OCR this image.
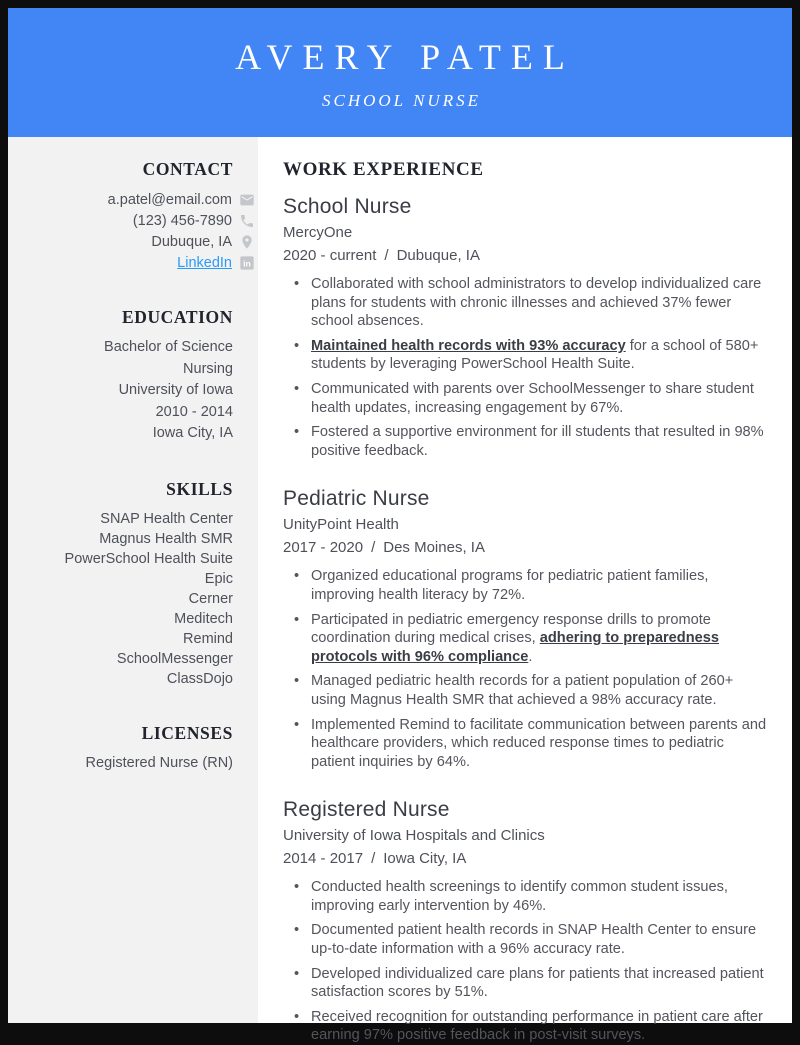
AVERY PATEL
SCHOOL NURSE
CONTACT
a.patel@email.com
(123) 456-7890
Dubuque, IA
LinkedIn in
EDUCATION
Bachelor of Science
Nursing
University of Iowa
2010 - 2014
Iowa City, IA
SKILLS
SNAP Health Center
Magnus Health SMR
PowerSchool Health Suite
Epic
Cerner
Meditech
Remind
SchoolMessenger
ClassDojo
LICENSES
Registered Nurse (RN)
WORK EXPERIENCE
School Nurse
MercyOne
2020 - current / Dubuque, IA
• Collaborated with school administrators to develop individualized care plans for students with chronic illnesses and achieved 37% fewer school absences.
• Maintained health records with 93% accuracy for a school of 580+ students by leveraging PowerSchool Health Suite.
• Communicated with parents over SchoolMessenger to share student health updates, increasing engagement by 67%.
• Fostered a supportive environment for ill students that resulted in 98% positive feedback.
Pediatric Nurse
UnityPoint Health
2017 - 2020 / Des Moines, IA
• Organized educational programs for pediatric patient families, improving health literacy by 72%.
• Participated in pediatric emergency response drills to promote coordination during medical crises, adhering to preparedness protocols with 96% compliance.
• Managed pediatric health records for a patient population of 260+ using Magnus Health SMR that achieved a 98% accuracy rate.
• Implemented Remind to facilitate communication between parents and healthcare providers, which reduced response times to pediatric patient inquiries by 64%.
Registered Nurse
University of Iowa Hospitals and Clinics
2014 - 2017 / Iowa City, IA
• Conducted health screenings to identify common student issues, improving early intervention by 46%.
• Documented patient health records in SNAP Health Center to ensure up-to-date information with a 96% accuracy rate.
• Developed individualized care plans for patients that increased patient satisfaction scores by 51%.
• Received recognition for outstanding performance in patient care after earning 97% positive feedback in post-visit surveys.
